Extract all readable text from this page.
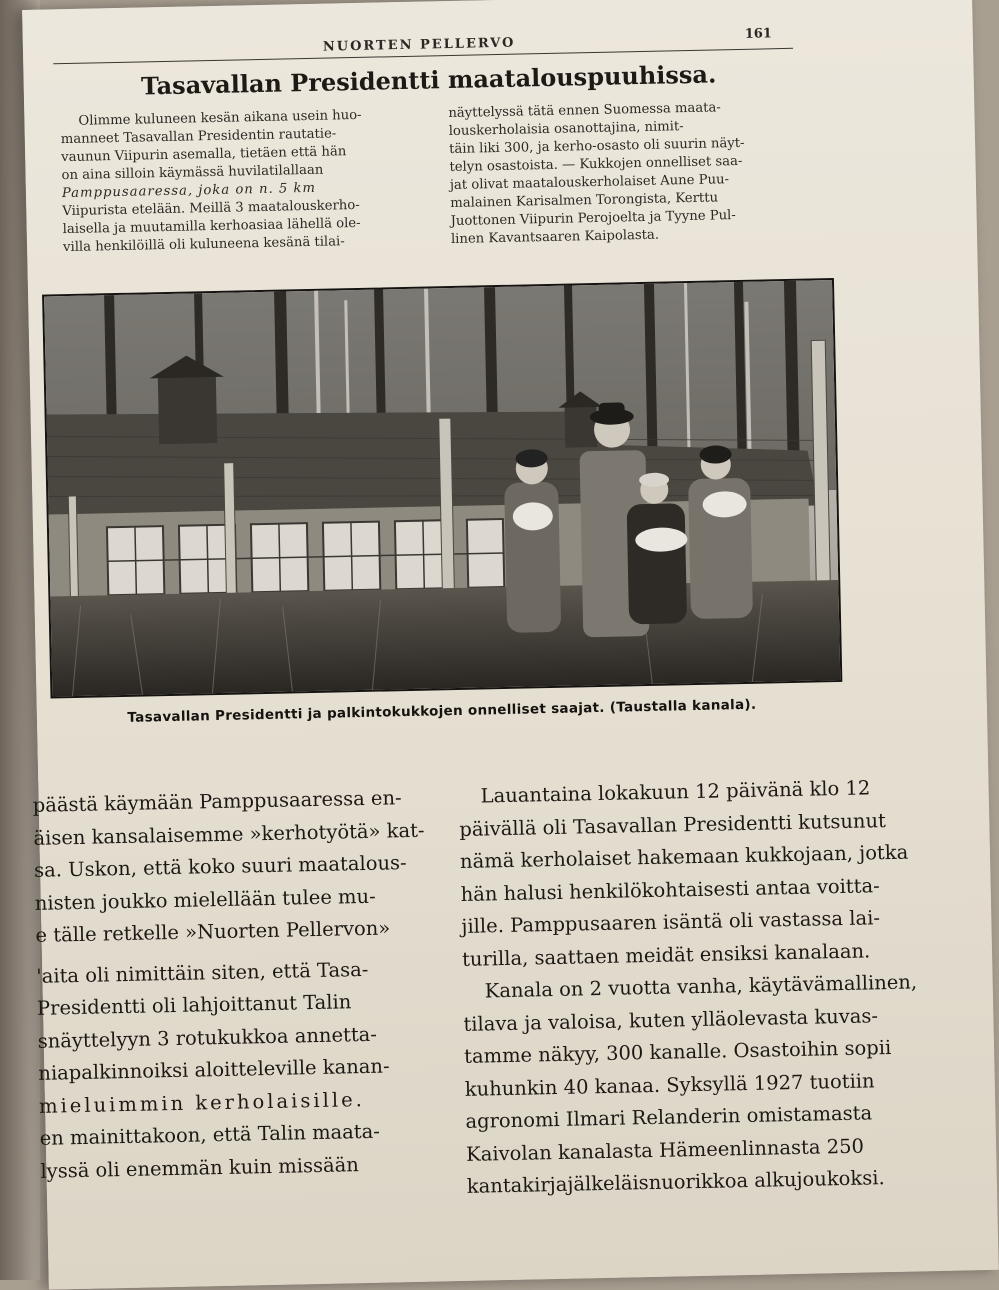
NUORTEN PELLERVO
161
Tasavallan Presidentti maatalouspuuhissa.
Olimme kuluneen kesän aikana usein huo-
manneet Tasavallan Presidentin rautatie-
vaunun Viipurin asemalla, tietäen että hän
on aina silloin käymässä huvilatilallaan
Pamppusaaressa, joka on n. 5 km
Viipurista etelään. Meillä 3 maatalouskerho-
laisella ja muutamilla kerhoasiaa lähellä ole-
villa henkilöillä oli kuluneena kesänä tilai-
näyttelyssä tätä ennen Suomessa maata-
louskerholaisia osanottajina, nimit-
täin liki 300, ja kerho-osasto oli suurin näyt-
telyn osastoista. — Kukkojen onnelliset saa-
jat olivat maatalouskerholaiset Aune Puu-
malainen Karisalmen Torongista, Kerttu
Juottonen Viipurin Perojoelta ja Tyyne Pul-
linen Kavantsaaren Kaipolasta.
Tasavallan Presidentti ja palkintokukkojen onnelliset saajat. (Taustalla kanala).
päästä käymään Pamppusaaressa en-
äisen kansalaisemme »kerhotyötä» kat-
sa. Uskon, että koko suuri maatalous-
nisten joukko mielellään tulee mu-
e tälle retkelle »Nuorten Pellervon»
'aita oli nimittäin siten, että Tasa-
Presidentti oli lahjoittanut Talin
snäyttelyyn 3 rotukukkoa annetta-
niapalkinnoiksi aloitteleville kanan-
mieluimmin kerholaisille.
en mainittakoon, että Talin maata-
lyssä oli enemmän kuin missään
Lauantaina lokakuun 12 päivänä klo 12
päivällä oli Tasavallan Presidentti kutsunut
nämä kerholaiset hakemaan kukkojaan, jotka
hän halusi henkilökohtaisesti antaa voitta-
jille. Pamppusaaren isäntä oli vastassa lai-
turilla, saattaen meidät ensiksi kanalaan.
Kanala on 2 vuotta vanha, käytävämallinen,
tilava ja valoisa, kuten ylläolevasta kuvas-
tamme näkyy, 300 kanalle. Osastoihin sopii
kuhunkin 40 kanaa. Syksyllä 1927 tuotiin
agronomi Ilmari Relanderin omistamasta
Kaivolan kanalasta Hämeenlinnasta 250
kantakirjajälkeläisnuorikkoa alkujoukoksi.
